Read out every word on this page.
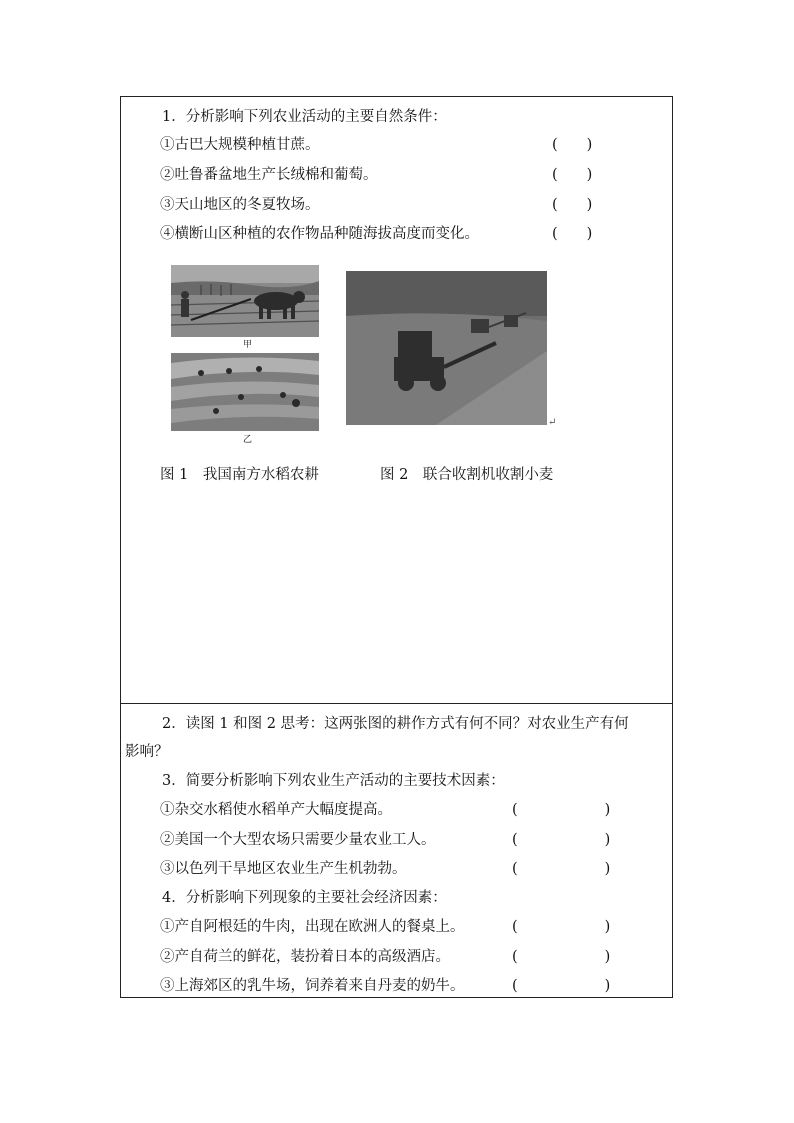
1．分析影响下列农业活动的主要自然条件：
①古巴大规模种植甘蔗。	(　　)
②吐鲁番盆地生产长绒棉和葡萄。	(　　)
③天山地区的冬夏牧场。	(　　)
④横断山区种植的农作物品种随海拔高度而变化。	(　　)
甲
乙
↵
图 1　我国南方水稻农耕	图 2　联合收割机收割小麦
2．读图 1 和图 2 思考：这两张图的耕作方式有何不同？对农业生产有何
影响？
3．简要分析影响下列农业生产活动的主要技术因素：
①杂交水稻使水稻单产大幅度提高。	(　　　　　　)
②美国一个大型农场只需要少量农业工人。	(　　　　　　)
③以色列干旱地区农业生产生机勃勃。	(　　　　　　)
4．分析影响下列现象的主要社会经济因素：
①产自阿根廷的牛肉，出现在欧洲人的餐桌上。	(　　　　　　)
②产自荷兰的鲜花，装扮着日本的高级酒店。	(　　　　　　)
③上海郊区的乳牛场，饲养着来自丹麦的奶牛。	(　　　　　　)
